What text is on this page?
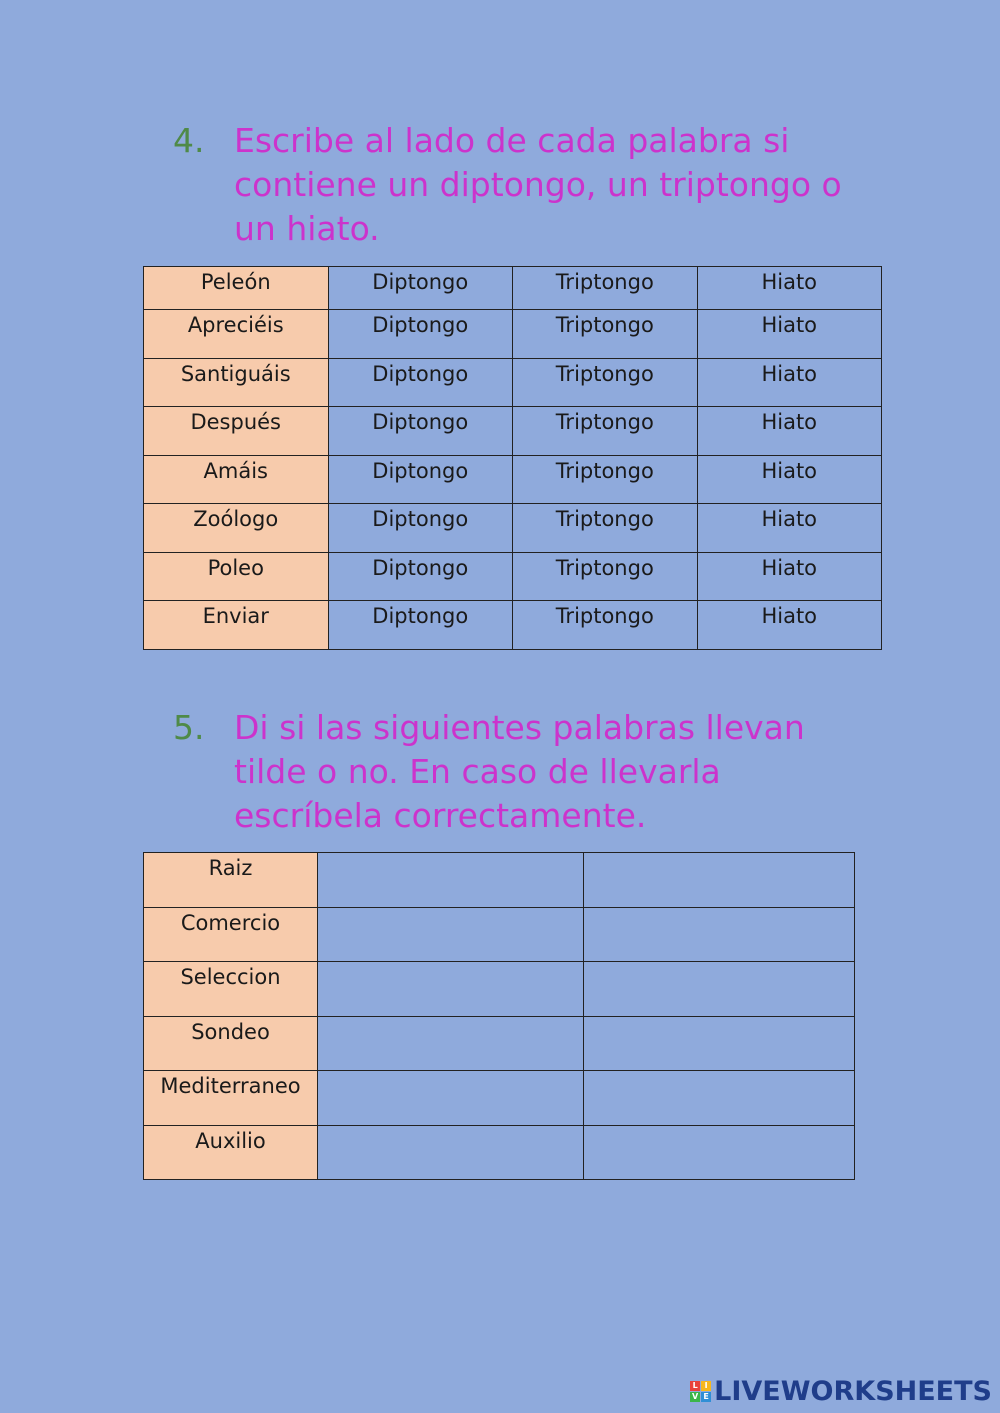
4. Escribe al lado de cada palabra si contiene un diptongo, un triptongo o un hiato.
Peleón	Diptongo	Triptongo	Hiato

Apreciéis	Diptongo	Triptongo	Hiato

Santiguáis	Diptongo	Triptongo	Hiato

Después	Diptongo	Triptongo	Hiato

Amáis	Diptongo	Triptongo	Hiato

Zoólogo	Diptongo	Triptongo	Hiato

Poleo	Diptongo	Triptongo	Hiato

Enviar	Diptongo	Triptongo	Hiato
5. Di si las siguientes palabras llevan tilde o no. En caso de llevarla escríbela correctamente.
Raiz		

Comercio		

Seleccion		

Sondeo		

Mediterraneo		

Auxilio		

L I
V E LIVEWORKSHEETS
